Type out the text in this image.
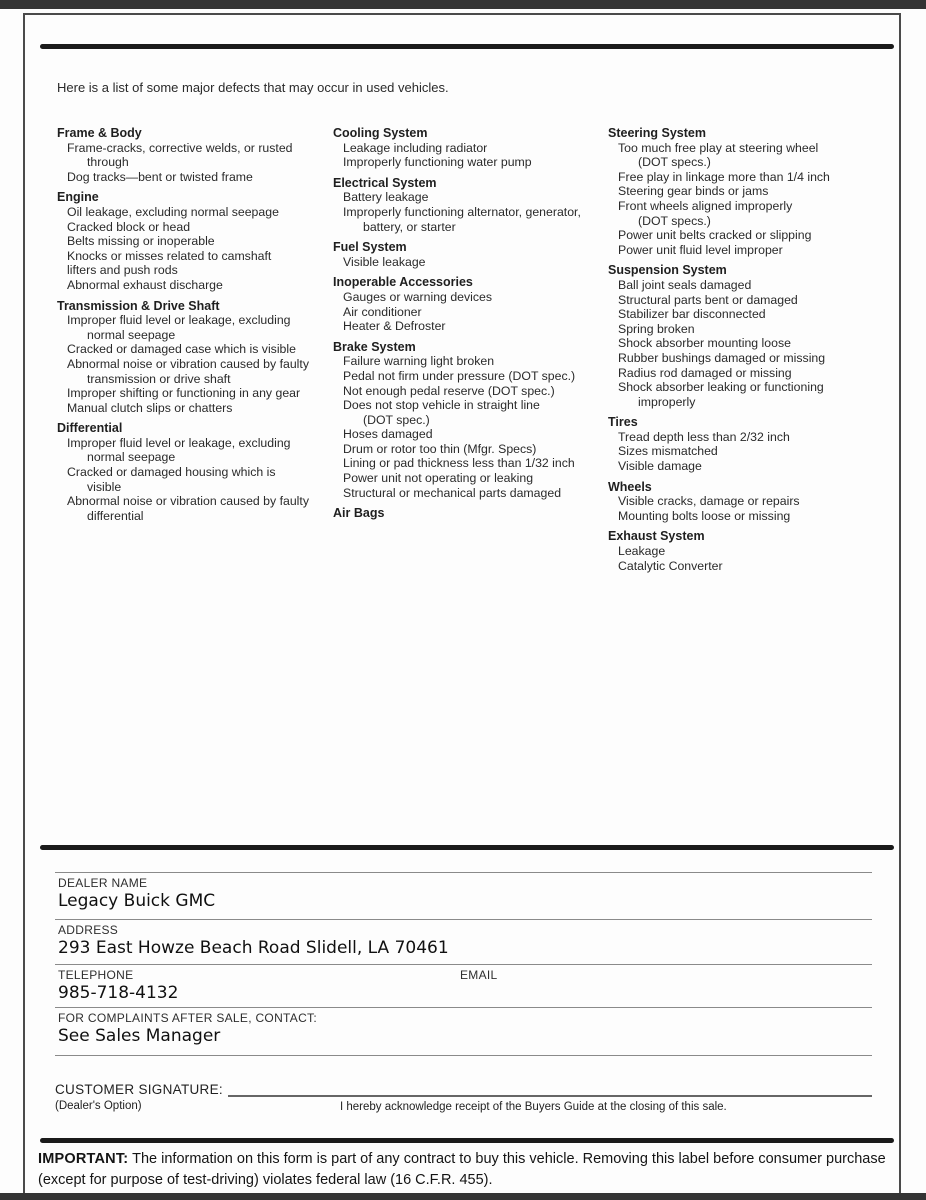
Here is a list of some major defects that may occur in used vehicles.
Frame & Body
Frame-cracks, corrective welds, or rusted
through
Dog tracks—bent or twisted frame
Engine
Oil leakage, excluding normal seepage
Cracked block or head
Belts missing or inoperable
Knocks or misses related to camshaft
lifters and push rods
Abnormal exhaust discharge
Transmission & Drive Shaft
Improper fluid level or leakage, excluding
normal seepage
Cracked or damaged case which is visible
Abnormal noise or vibration caused by faulty
transmission or drive shaft
Improper shifting or functioning in any gear
Manual clutch slips or chatters
Differential
Improper fluid level or leakage, excluding
normal seepage
Cracked or damaged housing which is
visible
Abnormal noise or vibration caused by faulty
differential
Cooling System
Leakage including radiator
Improperly functioning water pump
Electrical System
Battery leakage
Improperly functioning alternator, generator,
battery, or starter
Fuel System
Visible leakage
Inoperable Accessories
Gauges or warning devices
Air conditioner
Heater & Defroster
Brake System
Failure warning light broken
Pedal not firm under pressure (DOT spec.)
Not enough pedal reserve (DOT spec.)
Does not stop vehicle in straight line
(DOT spec.)
Hoses damaged
Drum or rotor too thin (Mfgr. Specs)
Lining or pad thickness less than 1/32 inch
Power unit not operating or leaking
Structural or mechanical parts damaged
Air Bags
Steering System
Too much free play at steering wheel
(DOT specs.)
Free play in linkage more than 1/4 inch
Steering gear binds or jams
Front wheels aligned improperly
(DOT specs.)
Power unit belts cracked or slipping
Power unit fluid level improper
Suspension System
Ball joint seals damaged
Structural parts bent or damaged
Stabilizer bar disconnected
Spring broken
Shock absorber mounting loose
Rubber bushings damaged or missing
Radius rod damaged or missing
Shock absorber leaking or functioning
improperly
Tires
Tread depth less than 2/32 inch
Sizes mismatched
Visible damage
Wheels
Visible cracks, damage or repairs
Mounting bolts loose or missing
Exhaust System
Leakage
Catalytic Converter
DEALER NAME
Legacy Buick GMC
ADDRESS
293 East Howze Beach Road Slidell, LA 70461
TELEPHONE
985-718-4132
EMAIL
FOR COMPLAINTS AFTER SALE, CONTACT:
See Sales Manager
CUSTOMER SIGNATURE:
(Dealer's Option)	I hereby acknowledge receipt of the Buyers Guide at the closing of this sale.
IMPORTANT: The information on this form is part of any contract to buy this vehicle. Removing this label before consumer purchase (except for purpose of test-driving) violates federal law (16 C.F.R. 455).
